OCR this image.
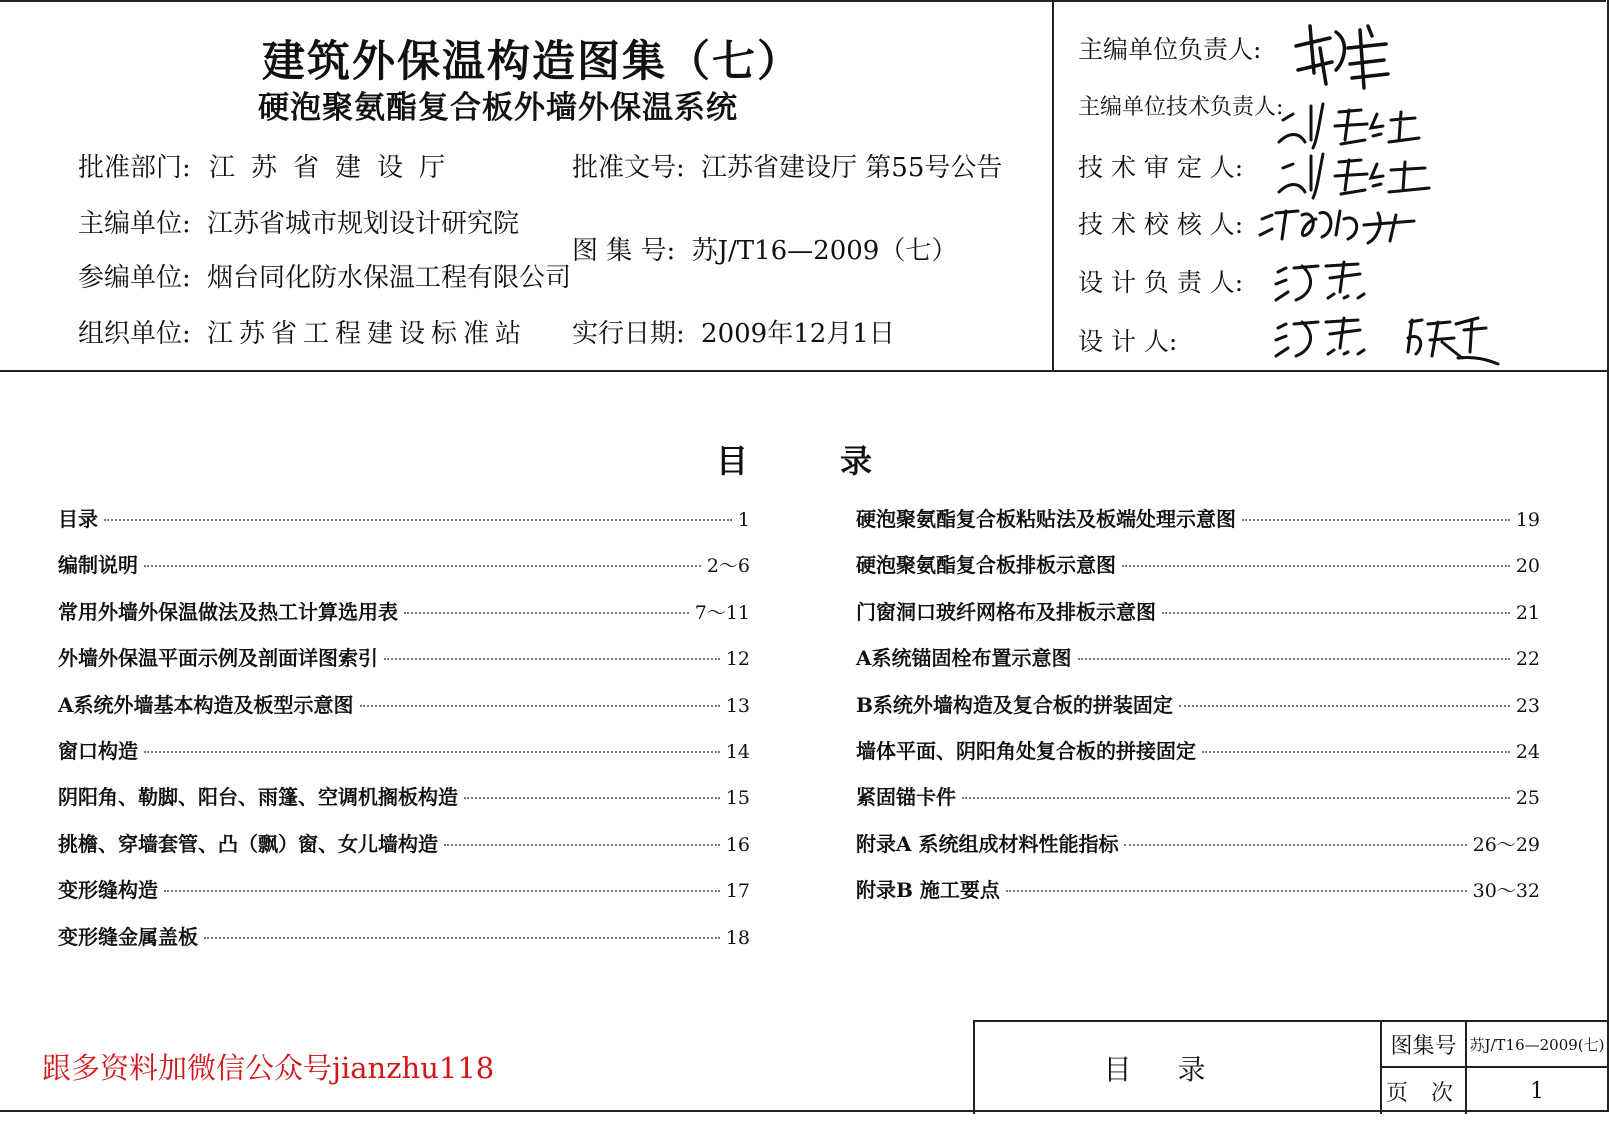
建筑外保温构造图集（七）
硬泡聚氨酯复合板外墙外保温系统
批准部门: 江苏省建设厅	批准文号: 江苏省建设厅 第55号公告
主编单位: 江苏省城市规划设计研究院
图 集 号: 苏J/T16—2009（七）
参编单位: 烟台同化防水保温工程有限公司
组织单位: 江苏省工程建设标准站 实行日期: 2009年12月1日
主编单位负责人:
主编单位技术负责人:
技 术 审 定 人:
技 术 校 核 人:
设 计 负 责 人:
设 计 人:
目录
目录	1
编制说明	2～6
常用外墙外保温做法及热工计算选用表	7～11
外墙外保温平面示例及剖面详图索引	12
A系统外墙基本构造及板型示意图	13
窗口构造	14
阴阳角、勒脚、阳台、雨篷、空调机搁板构造	15
挑檐、穿墙套管、凸（飘）窗、女儿墙构造	16
变形缝构造	17
变形缝金属盖板	18
硬泡聚氨酯复合板粘贴法及板端处理示意图	19
硬泡聚氨酯复合板排板示意图	20
门窗洞口玻纤网格布及排板示意图	21
A系统锚固栓布置示意图	22
B系统外墙构造及复合板的拼装固定	23
墙体平面、阴阳角处复合板的拼接固定	24
紧固锚卡件	25
附录A 系统组成材料性能指标	26～29
附录B 施工要点	30～32
跟多资料加微信公众号jianzhu118	目录
图集号 苏J/T16—2009(七)
页 次	1
